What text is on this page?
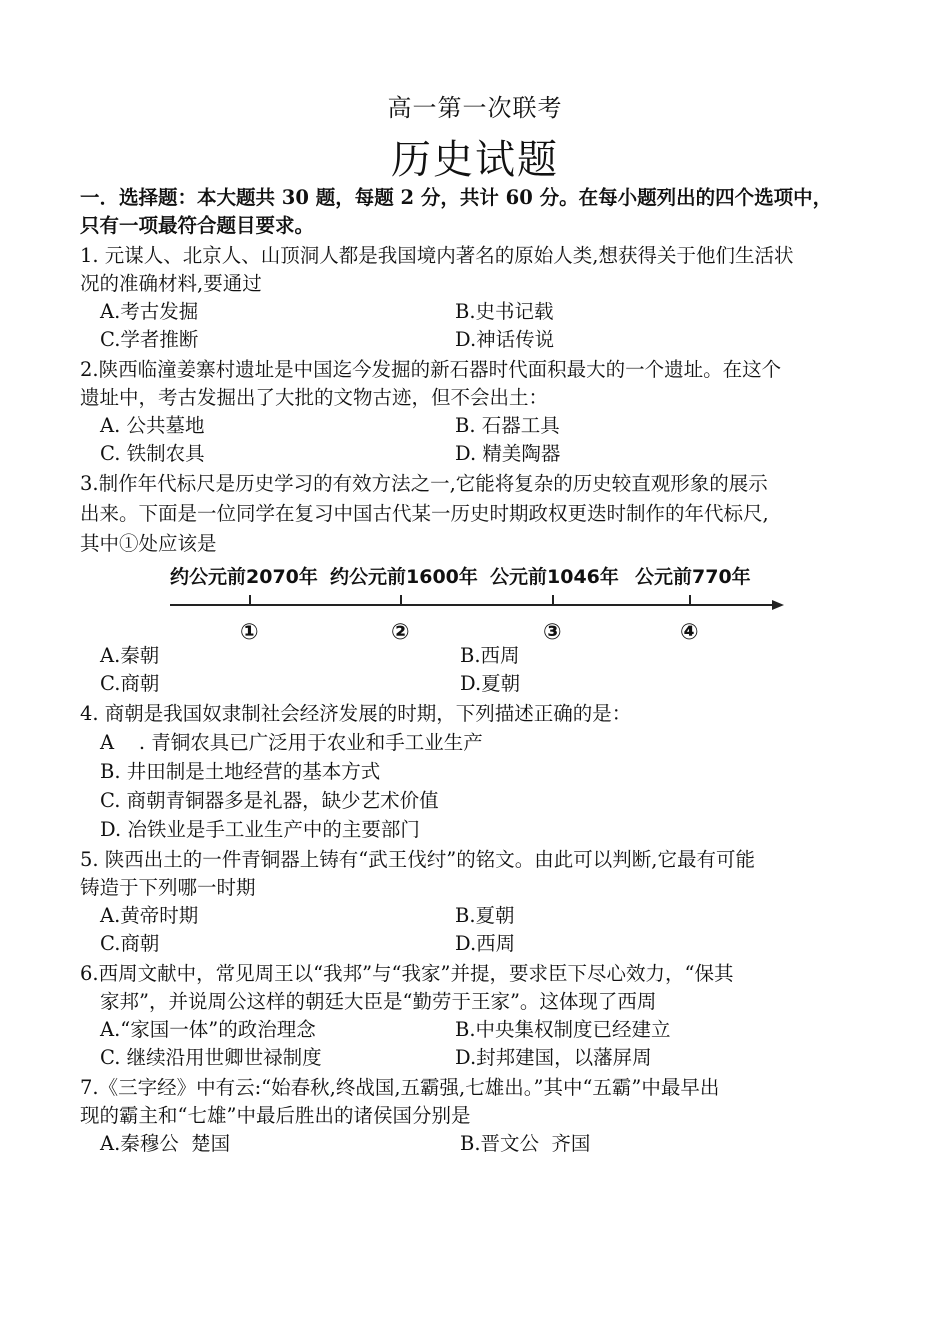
高一第一次联考
历史试题
一．选择题：本大题共 30 题，每题 2 分，共计 60 分。在每小题列出的四个选项中，
只有一项最符合题目要求。
1. 元谋人、北京人、山顶洞人都是我国境内著名的原始人类,想获得关于他们生活状
况的准确材料,要通过
A.考古发掘	B.史书记载
C.学者推断	D.神话传说
2.陕西临潼姜寨村遗址是中国迄今发掘的新石器时代面积最大的一个遗址。在这个
遗址中，考古发掘出了大批的文物古迹，但不会出土：
A. 公共墓地	B. 石器工具
C. 铁制农具	D. 精美陶器
3.制作年代标尺是历史学习的有效方法之一,它能将复杂的历史较直观形象的展示
出来。下面是一位同学在复习中国古代某一历史时期政权更迭时制作的年代标尺,
其中①处应该是
约公元前2070年 约公元前1600年 公元前1046年 公元前770年
①	②	③	④
A.秦朝	B.西周
C.商朝	D.夏朝
4. 商朝是我国奴隶制社会经济发展的时期，下列描述正确的是：
A    . 青铜农具已广泛用于农业和手工业生产
B. 井田制是土地经营的基本方式
C. 商朝青铜器多是礼器，缺少艺术价值
D. 冶铁业是手工业生产中的主要部门
5. 陕西出土的一件青铜器上铸有“武王伐纣”的铭文。由此可以判断,它最有可能
铸造于下列哪一时期
A.黄帝时期	B.夏朝
C.商朝	D.西周
6.西周文献中，常见周王以“我邦”与“我家”并提，要求臣下尽心效力，“保其
家邦”，并说周公这样的朝廷大臣是“勤劳于王家”。这体现了西周
A.“家国一体”的政治理念	B.中央集权制度已经建立
C. 继续沿用世卿世禄制度	D.封邦建国，以藩屏周
7.《三字经》中有云:“始春秋,终战国,五霸强,七雄出。”其中“五霸”中最早出
现的霸主和“七雄”中最后胜出的诸侯国分别是
A.秦穆公  楚国	B.晋文公  齐国
